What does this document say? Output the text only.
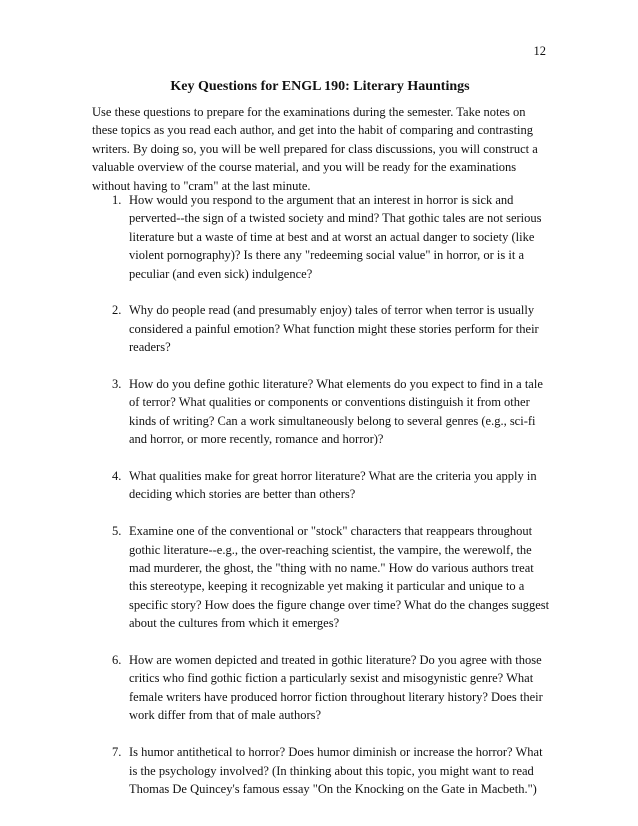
12
Key Questions for ENGL 190: Literary Hauntings

Use these questions to prepare for the examinations during the semester. Take notes on these topics as you read each author, and get into the habit of comparing and contrasting writers. By doing so, you will be well prepared for class discussions, you will construct a valuable overview of the course material, and you will be ready for the examinations without having to "cram" at the last minute.

1. How would you respond to the argument that an interest in horror is sick and perverted--the sign of a twisted society and mind? That gothic tales are not serious literature but a waste of time at best and at worst an actual danger to society (like violent pornography)? Is there any "redeeming social value" in horror, or is it a peculiar (and even sick) indulgence?
2. Why do people read (and presumably enjoy) tales of terror when terror is usually considered a painful emotion? What function might these stories perform for their readers?
3. How do you define gothic literature? What elements do you expect to find in a tale of terror? What qualities or components or conventions distinguish it from other kinds of writing? Can a work simultaneously belong to several genres (e.g., sci-fi and horror, or more recently, romance and horror)?
4. What qualities make for great horror literature? What are the criteria you apply in deciding which stories are better than others?
5. Examine one of the conventional or "stock" characters that reappears throughout gothic literature--e.g., the over-reaching scientist, the vampire, the werewolf, the mad murderer, the ghost, the "thing with no name." How do various authors treat this stereotype, keeping it recognizable yet making it particular and unique to a specific story? How does the figure change over time? What do the changes suggest about the cultures from which it emerges?
6. How are women depicted and treated in gothic literature? Do you agree with those critics who find gothic fiction a particularly sexist and misogynistic genre? What female writers have produced horror fiction throughout literary history? Does their work differ from that of male authors?
7. Is humor antithetical to horror? Does humor diminish or increase the horror? What is the psychology involved? (In thinking about this topic, you might want to read Thomas De Quincey's famous essay "On the Knocking on the Gate in Macbeth.")
